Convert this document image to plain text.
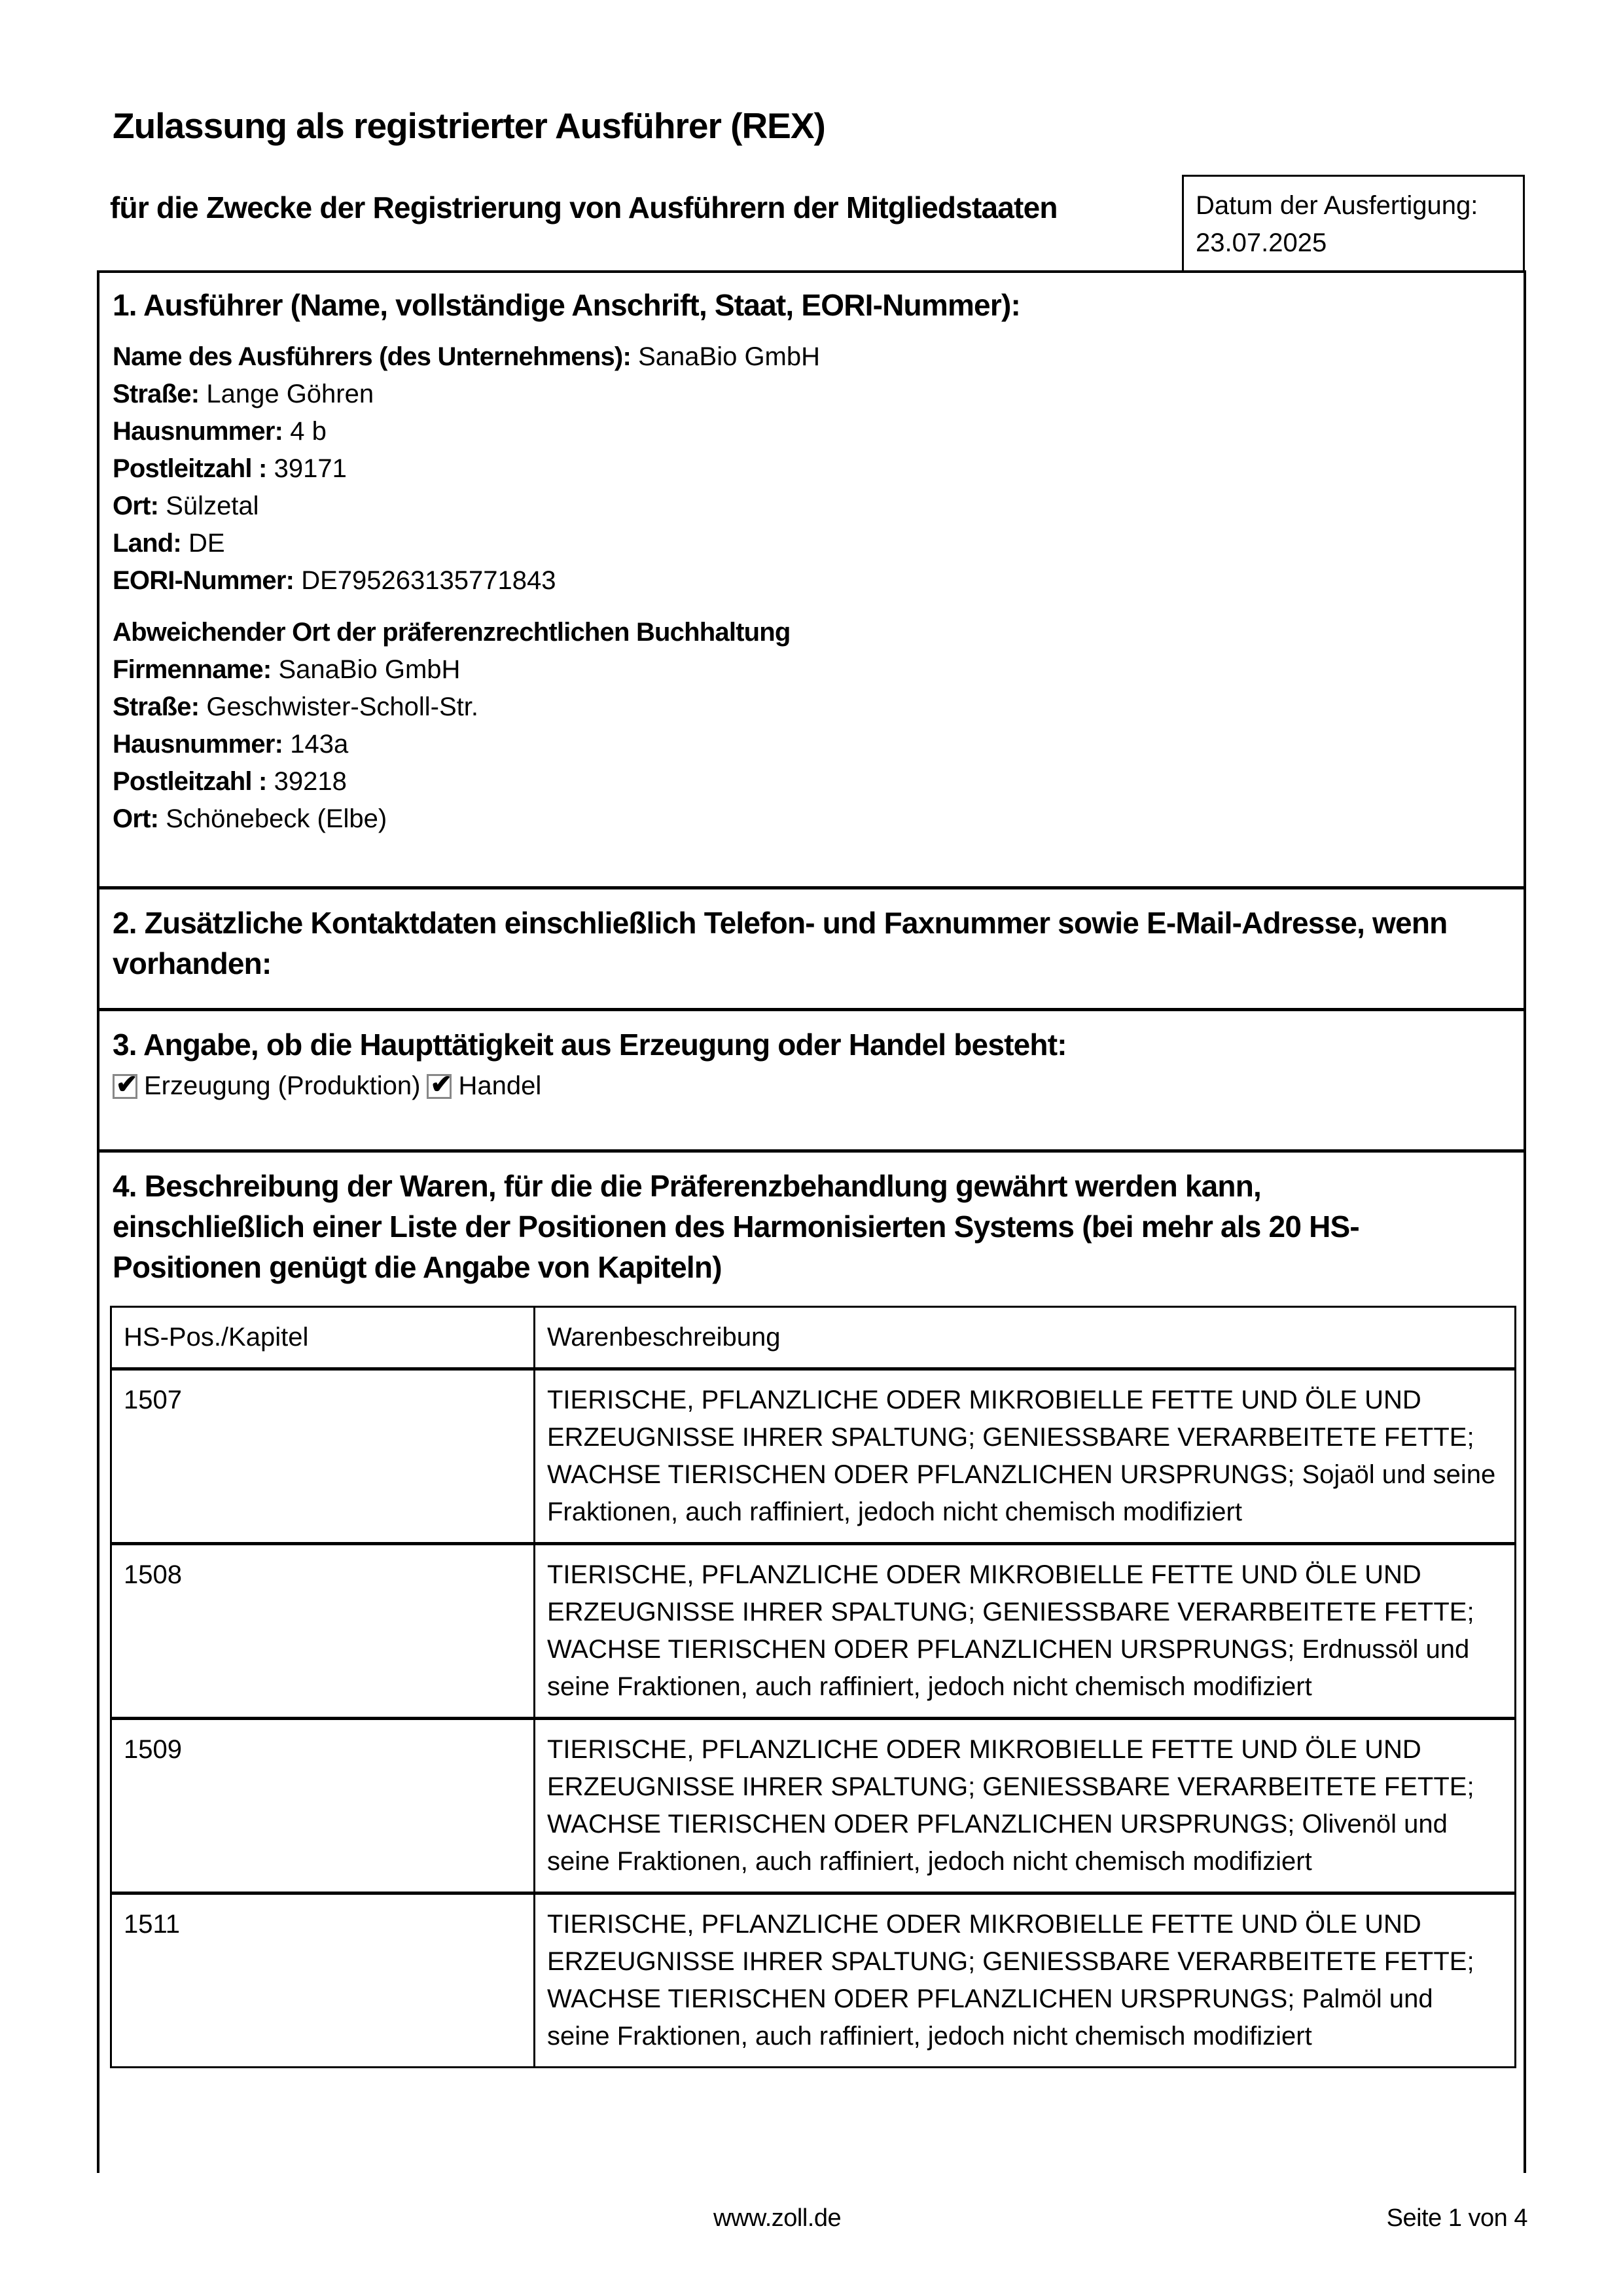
Zulassung als registrierter Ausführer (REX)
für die Zwecke der Registrierung von Ausführern der Mitgliedstaaten	Datum der Ausfertigung:
23.07.2025

1. Ausführer (Name, vollständige Anschrift, Staat, EORI-Nummer):

Name des Ausführers (des Unternehmens): SanaBio GmbH
Straße: Lange Göhren
Hausnummer: 4 b
Postleitzahl : 39171
Ort: Sülzetal
Land: DE
EORI-Nummer: DE795263135771843
Abweichender Ort der präferenzrechtlichen Buchhaltung
Firmenname: SanaBio GmbH
Straße: Geschwister-Scholl-Str.
Hausnummer: 143a
Postleitzahl : 39218
Ort: Schönebeck (Elbe)

2. Zusätzliche Kontaktdaten einschließlich Telefon- und Faxnummer sowie E-Mail-Adresse, wenn vorhanden:

3. Angabe, ob die Haupttätigkeit aus Erzeugung oder Handel besteht:

✔ Erzeugung (Produktion) ✔ Handel

4. Beschreibung der Waren, für die die Präferenzbehandlung gewährt werden kann, einschließlich einer Liste der Positionen des Harmonisierten Systems (bei mehr als 20 HS-Positionen genügt die Angabe von Kapiteln)

HS-Pos./Kapitel	Warenbeschreibung
1507	TIERISCHE, PFLANZLICHE ODER MIKROBIELLE FETTE UND ÖLE UND ERZEUGNISSE IHRER SPALTUNG; GENIESSBARE VERARBEITETE FETTE; WACHSE TIERISCHEN ODER PFLANZLICHEN URSPRUNGS; Sojaöl und seine Fraktionen, auch raffiniert, jedoch nicht chemisch modifiziert
1508	TIERISCHE, PFLANZLICHE ODER MIKROBIELLE FETTE UND ÖLE UND ERZEUGNISSE IHRER SPALTUNG; GENIESSBARE VERARBEITETE FETTE; WACHSE TIERISCHEN ODER PFLANZLICHEN URSPRUNGS; Erdnussöl und seine Fraktionen, auch raffiniert, jedoch nicht chemisch modifiziert
1509	TIERISCHE, PFLANZLICHE ODER MIKROBIELLE FETTE UND ÖLE UND ERZEUGNISSE IHRER SPALTUNG; GENIESSBARE VERARBEITETE FETTE; WACHSE TIERISCHEN ODER PFLANZLICHEN URSPRUNGS; Olivenöl und seine Fraktionen, auch raffiniert, jedoch nicht chemisch modifiziert
1511	TIERISCHE, PFLANZLICHE ODER MIKROBIELLE FETTE UND ÖLE UND ERZEUGNISSE IHRER SPALTUNG; GENIESSBARE VERARBEITETE FETTE; WACHSE TIERISCHEN ODER PFLANZLICHEN URSPRUNGS; Palmöl und seine Fraktionen, auch raffiniert, jedoch nicht chemisch modifiziert
www.zoll.de	Seite 1 von 4
